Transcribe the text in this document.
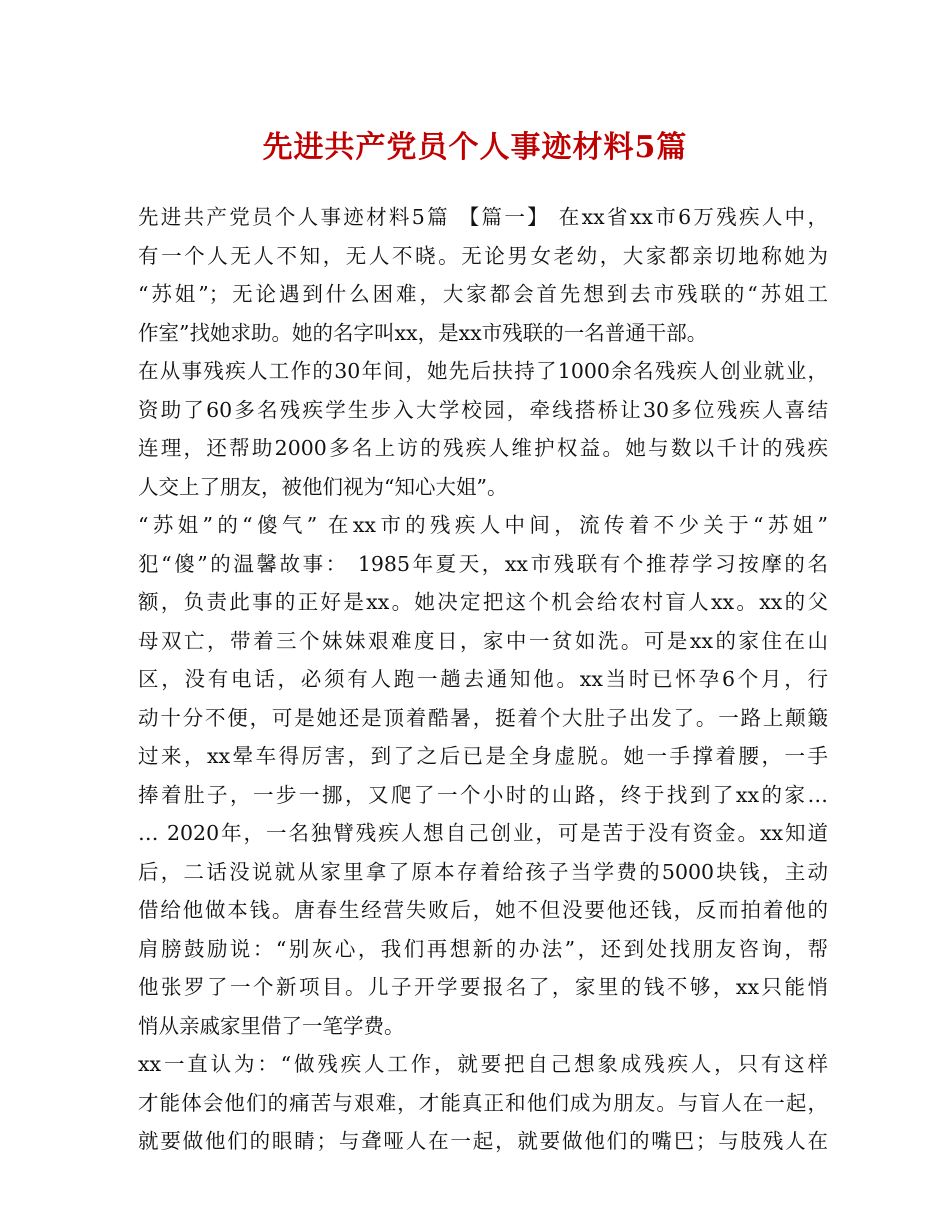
先进共产党员个人事迹材料5篇

先进共产党员个人事迹材料5篇 【篇一】 在xx省xx市6万残疾人中，

有一个人无人不知，无人不晓。无论男女老幼，大家都亲切地称她为

“苏姐”；无论遇到什么困难，大家都会首先想到去市残联的“苏姐工

作室”找她求助。她的名字叫xx，是xx市残联的一名普通干部。

在从事残疾人工作的30年间，她先后扶持了1000余名残疾人创业就业，

资助了60多名残疾学生步入大学校园，牵线搭桥让30多位残疾人喜结

连理，还帮助2000多名上访的残疾人维护权益。她与数以千计的残疾

人交上了朋友，被他们视为“知心大姐”。

“苏姐”的“傻气” 在xx市的残疾人中间，流传着不少关于“苏姐”

犯“傻”的温馨故事： 1985年夏天，xx市残联有个推荐学习按摩的名

额，负责此事的正好是xx。她决定把这个机会给农村盲人xx。xx的父

母双亡，带着三个妹妹艰难度日，家中一贫如洗。可是xx的家住在山

区，没有电话，必须有人跑一趟去通知他。xx当时已怀孕6个月，行

动十分不便，可是她还是顶着酷暑，挺着个大肚子出发了。一路上颠簸

过来，xx晕车得厉害，到了之后已是全身虚脱。她一手撑着腰，一手

捧着肚子，一步一挪，又爬了一个小时的山路，终于找到了xx的家…

… 2020年，一名独臂残疾人想自己创业，可是苦于没有资金。xx知道

后，二话没说就从家里拿了原本存着给孩子当学费的5000块钱，主动

借给他做本钱。唐春生经营失败后，她不但没要他还钱，反而拍着他的

肩膀鼓励说：“别灰心，我们再想新的办法”，还到处找朋友咨询，帮

他张罗了一个新项目。儿子开学要报名了，家里的钱不够，xx只能悄

悄从亲戚家里借了一笔学费。

xx一直认为：“做残疾人工作，就要把自己想象成残疾人，只有这样

才能体会他们的痛苦与艰难，才能真正和他们成为朋友。与盲人在一起，

就要做他们的眼睛；与聋哑人在一起，就要做他们的嘴巴；与肢残人在
